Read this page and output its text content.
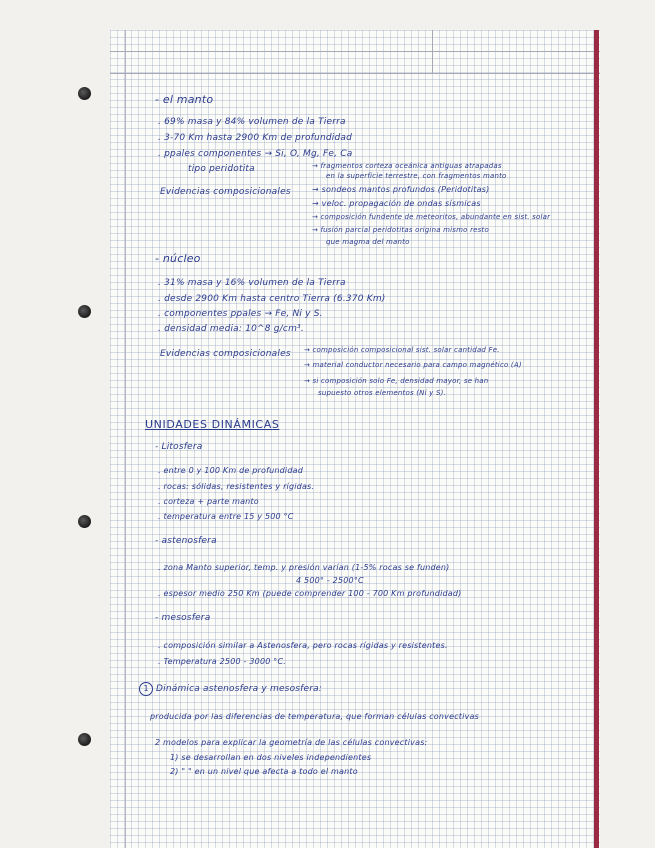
- el manto
. 69% masa y 84% volumen de la Tierra
. 3-70 Km hasta 2900 Km de profundidad
. ppales componentes → Si, O, Mg, Fe, Ca
tipo peridotita
Evidencias composicionales
→ fragmentos corteza oceánica antiguas atrapadas
en la superficie terrestre, con fragmentos manto
→ sondeos mantos profundos (Peridotitas)
→ veloc. propagación de ondas sísmicas
→ composición fundente de meteoritos, abundante en sist. solar
→ fusión parcial peridotitas origina mismo resto
que magma del manto
- núcleo
. 31% masa y 16% volumen de la Tierra
. desde 2900 Km hasta centro Tierra (6.370 Km)
. componentes ppales → Fe, Ni y S.
. densidad media: 10^8 g/cm³.
Evidencias composicionales → composición composicional sist. solar cantidad Fe.
→ material conductor necesario para campo magnético (A)
→ si composición solo Fe, densidad mayor, se han
supuesto otros elementos (Ni y S).
UNIDADES DINÁMICAS
- Litosfera
. entre 0 y 100 Km de profundidad
. rocas: sólidas, resistentes y rígidas.
. corteza + parte manto
. temperatura entre 15 y 500 °C
- astenosfera
. zona Manto superior, temp. y presión varían (1-5% rocas se funden)
4 500° - 2500°C
. espesor medio 250 Km (puede comprender 100 - 700 Km profundidad)
- mesosfera
. composición similar a Astenosfera, pero rocas rígidas y resistentes.
. Temperatura 2500 - 3000 °C.
1 Dinámica astenosfera y mesosfera:
producida por las diferencias de temperatura, que forman células convectivas
2 modelos para explicar la geometría de las células convectivas:
1) se desarrollan en dos niveles independientes
2) " " en un nivel que afecta a todo el manto
